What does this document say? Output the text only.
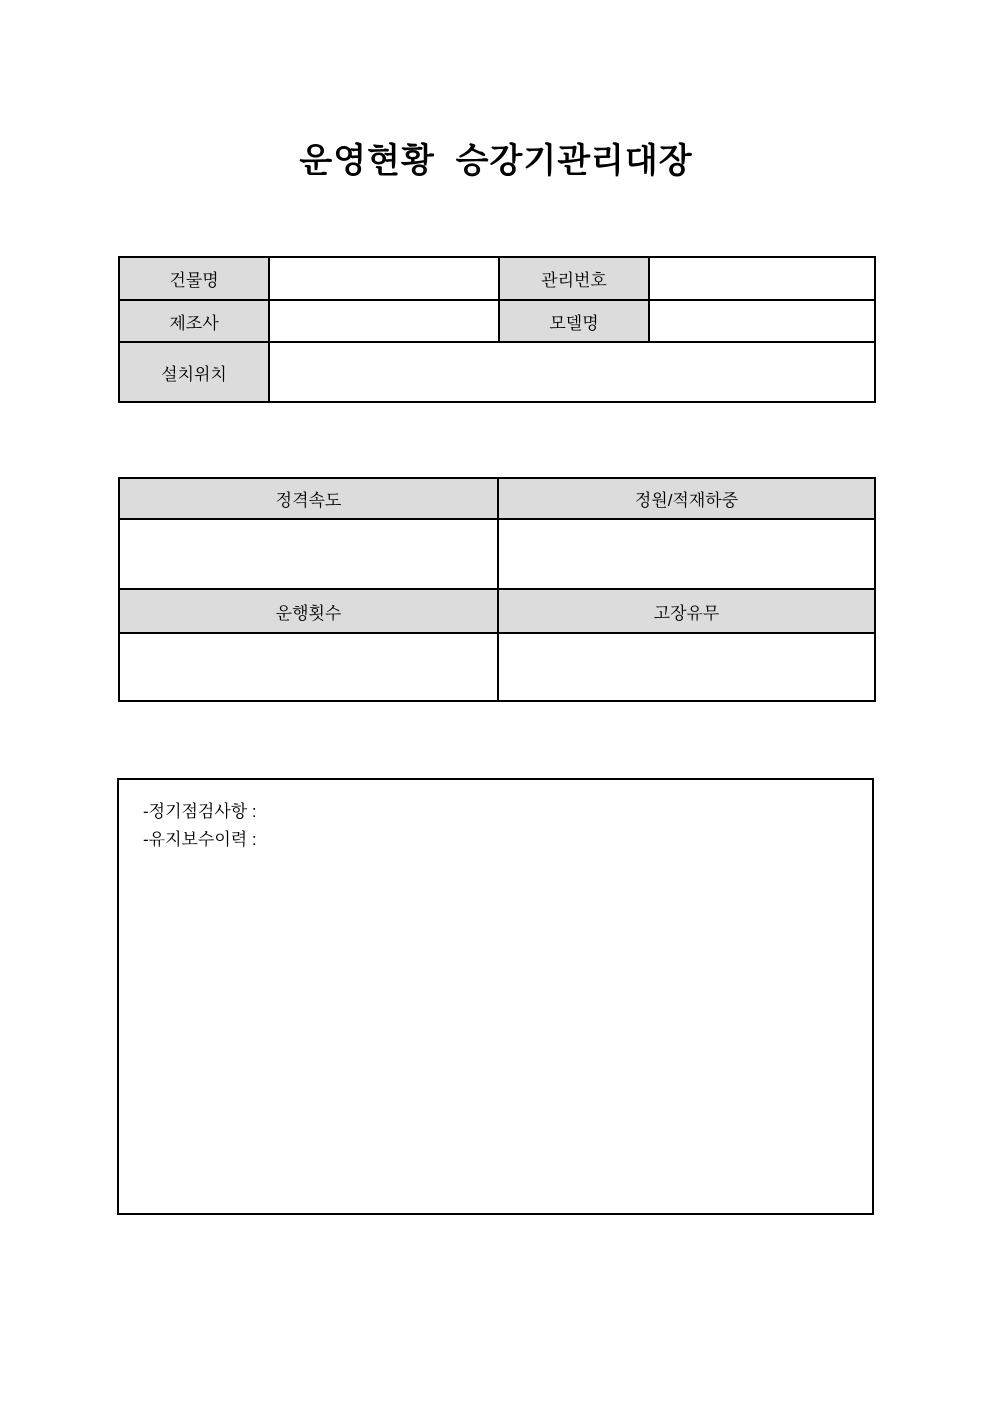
운영현황  승강기관리대장
건물명		관리번호	
제조사		모델명	
설치위치			
정격속도	정원/적재하중

운행횟수	고장유무

-정기점검사항 :
-유지보수이력 :
